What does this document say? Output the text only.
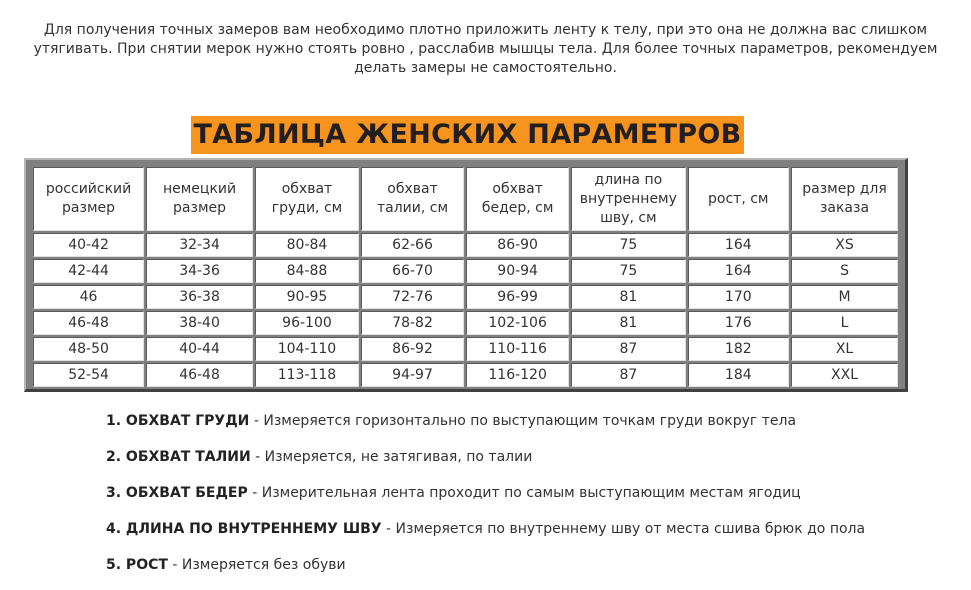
Для получения точных замеров вам необходимо плотно приложить ленту к телу, при это она не должна вас слишком утягивать. При снятии мерок нужно стоять ровно , расслабив мышцы тела. Для более точных параметров, рекомендуем делать замеры не самостоятельно.
ТАБЛИЦА ЖЕНСКИХ ПАРАМЕТРОВ
российский размер	немецкий размер	обхват груди, см	обхват талии, см	обхват бедер, см	длина по внутреннему шву, см	рост, см	размер для заказа
40-42	32-34	80-84	62-66	86-90	75	164	XS
42-44	34-36	84-88	66-70	90-94	75	164	S
46	36-38	90-95	72-76	96-99	81	170	M
46-48	38-40	96-100	78-82	102-106	81	176	L
48-50	40-44	104-110	86-92	110-116	87	182	XL
52-54	46-48	113-118	94-97	116-120	87	184	XXL
1. ОБХВАТ ГРУДИ - Измеряется горизонтально по выступающим точкам груди вокруг тела
2. ОБХВАТ ТАЛИИ - Измеряется, не затягивая, по талии
3. ОБХВАТ БЕДЕР - Измерительная лента проходит по самым выступающим местам ягодиц
4. ДЛИНА ПО ВНУТРЕННЕМУ ШВУ - Измеряется по внутреннему шву от места сшива брюк до пола
5. РОСТ - Измеряется без обуви
